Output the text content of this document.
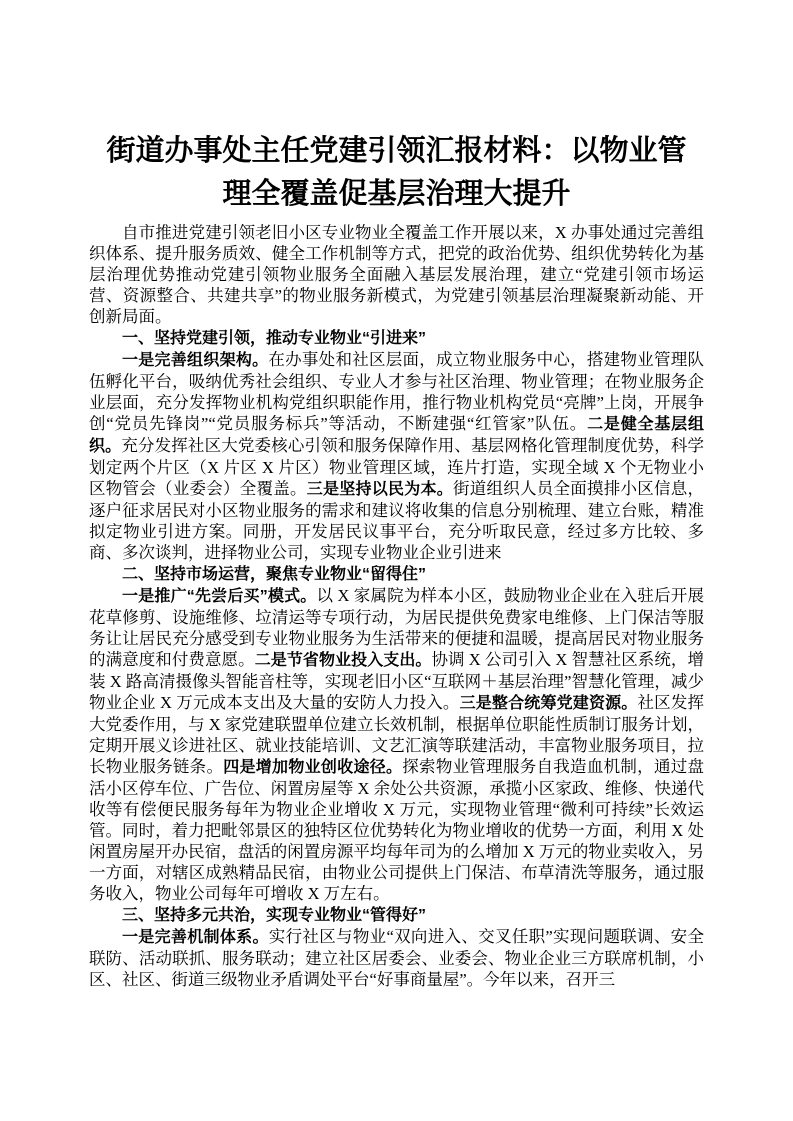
街道办事处主任党建引领汇报材料：以物业管
理全覆盖促基层治理大提升

自市推进党建引领老旧小区专业物业全覆盖工作开展以来，X 办事处通过完善组织体系、提升服务质效、健全工作机制等方式，把党的政治优势、组织优势转化为基层治理优势推动党建引领物业服务全面融入基层发展治理，建立“党建引领市场运营、资源整合、共建共享”的物业服务新模式，为党建引领基层治理凝聚新动能、开创新局面。

一、坚持党建引领，推动专业物业“引进来”

一是完善组织架构。在办事处和社区层面，成立物业服务中心，搭建物业管理队伍孵化平台，吸纳优秀社会组织、专业人才参与社区治理、物业管理；在物业服务企业层面，充分发挥物业机构党组织职能作用，推行物业机构党员“亮牌”上岗，开展争创“党员先锋岗”“党员服务标兵”等活动，不断建强“红管家”队伍。二是健全基层组织。充分发挥社区大党委核心引领和服务保障作用、基层网格化管理制度优势，科学划定两个片区（X 片区 X 片区）物业管理区域，连片打造，实现全域 X 个无物业小区物管会（业委会）全覆盖。三是坚持以民为本。街道组织人员全面摸排小区信息，逐户征求居民对小区物业服务的需求和建议将收集的信息分别梳理、建立台账，精准拟定物业引进方案。同册，开发居民议事平台，充分听取民意，经过多方比较、多商、多次谈判，进择物业公司，实现专业物业企业引进来

二、坚持市场运营，聚焦专业物业“留得住”

一是推广“先尝后买”模式。以 X 家属院为样本小区，鼓励物业企业在入驻后开展花草修剪、设施维修、垃清运等专项行动，为居民提供免费家电维修、上门保洁等服务让让居民充分感受到专业物业服务为生活带来的便捷和温暖，提高居民对物业服务的满意度和付费意愿。二是节省物业投入支出。协调 X 公司引入 X 智慧社区系统，增装 X 路高清摄像头智能音柱等，实现老旧小区“互联网＋基层治理”智慧化管理，减少物业企业 X 万元成本支出及大量的安防人力投入。三是整合统筹党建资源。社区发挥大党委作用，与 X 家党建联盟单位建立长效机制，根据单位职能性质制订服务计划，定期开展义诊进社区、就业技能培训、文艺汇演等联建活动，丰富物业服务项目，拉长物业服务链条。四是增加物业创收途径。探索物业管理服务自我造血机制，通过盘活小区停车位、广告位、闲置房屋等 X 余处公共资源，承揽小区家政、维修、快递代收等有偿便民服务每年为物业企业增收 X 万元，实现物业管理“微利可持续”长效运管。同时，着力把毗邻景区的独特区位优势转化为物业增收的优势一方面，利用 X 处闲置房屋开办民宿，盘活的闲置房源平均每年司为的么增加 X 万元的物业卖收入，另一方面，对辖区成熟精品民宿，由物业公司提供上门保洁、布草清洗等服务，通过服务收入，物业公司每年可增收 X 万左右。

三、坚持多元共治，实现专业物业“管得好”

一是完善机制体系。实行社区与物业“双向进入、交叉任职”实现问题联调、安全联防、活动联抓、服务联动；建立社区居委会、业委会、物业企业三方联席机制，小区、社区、街道三级物业矛盾调处平台“好事商量屋”。今年以来，召开三
